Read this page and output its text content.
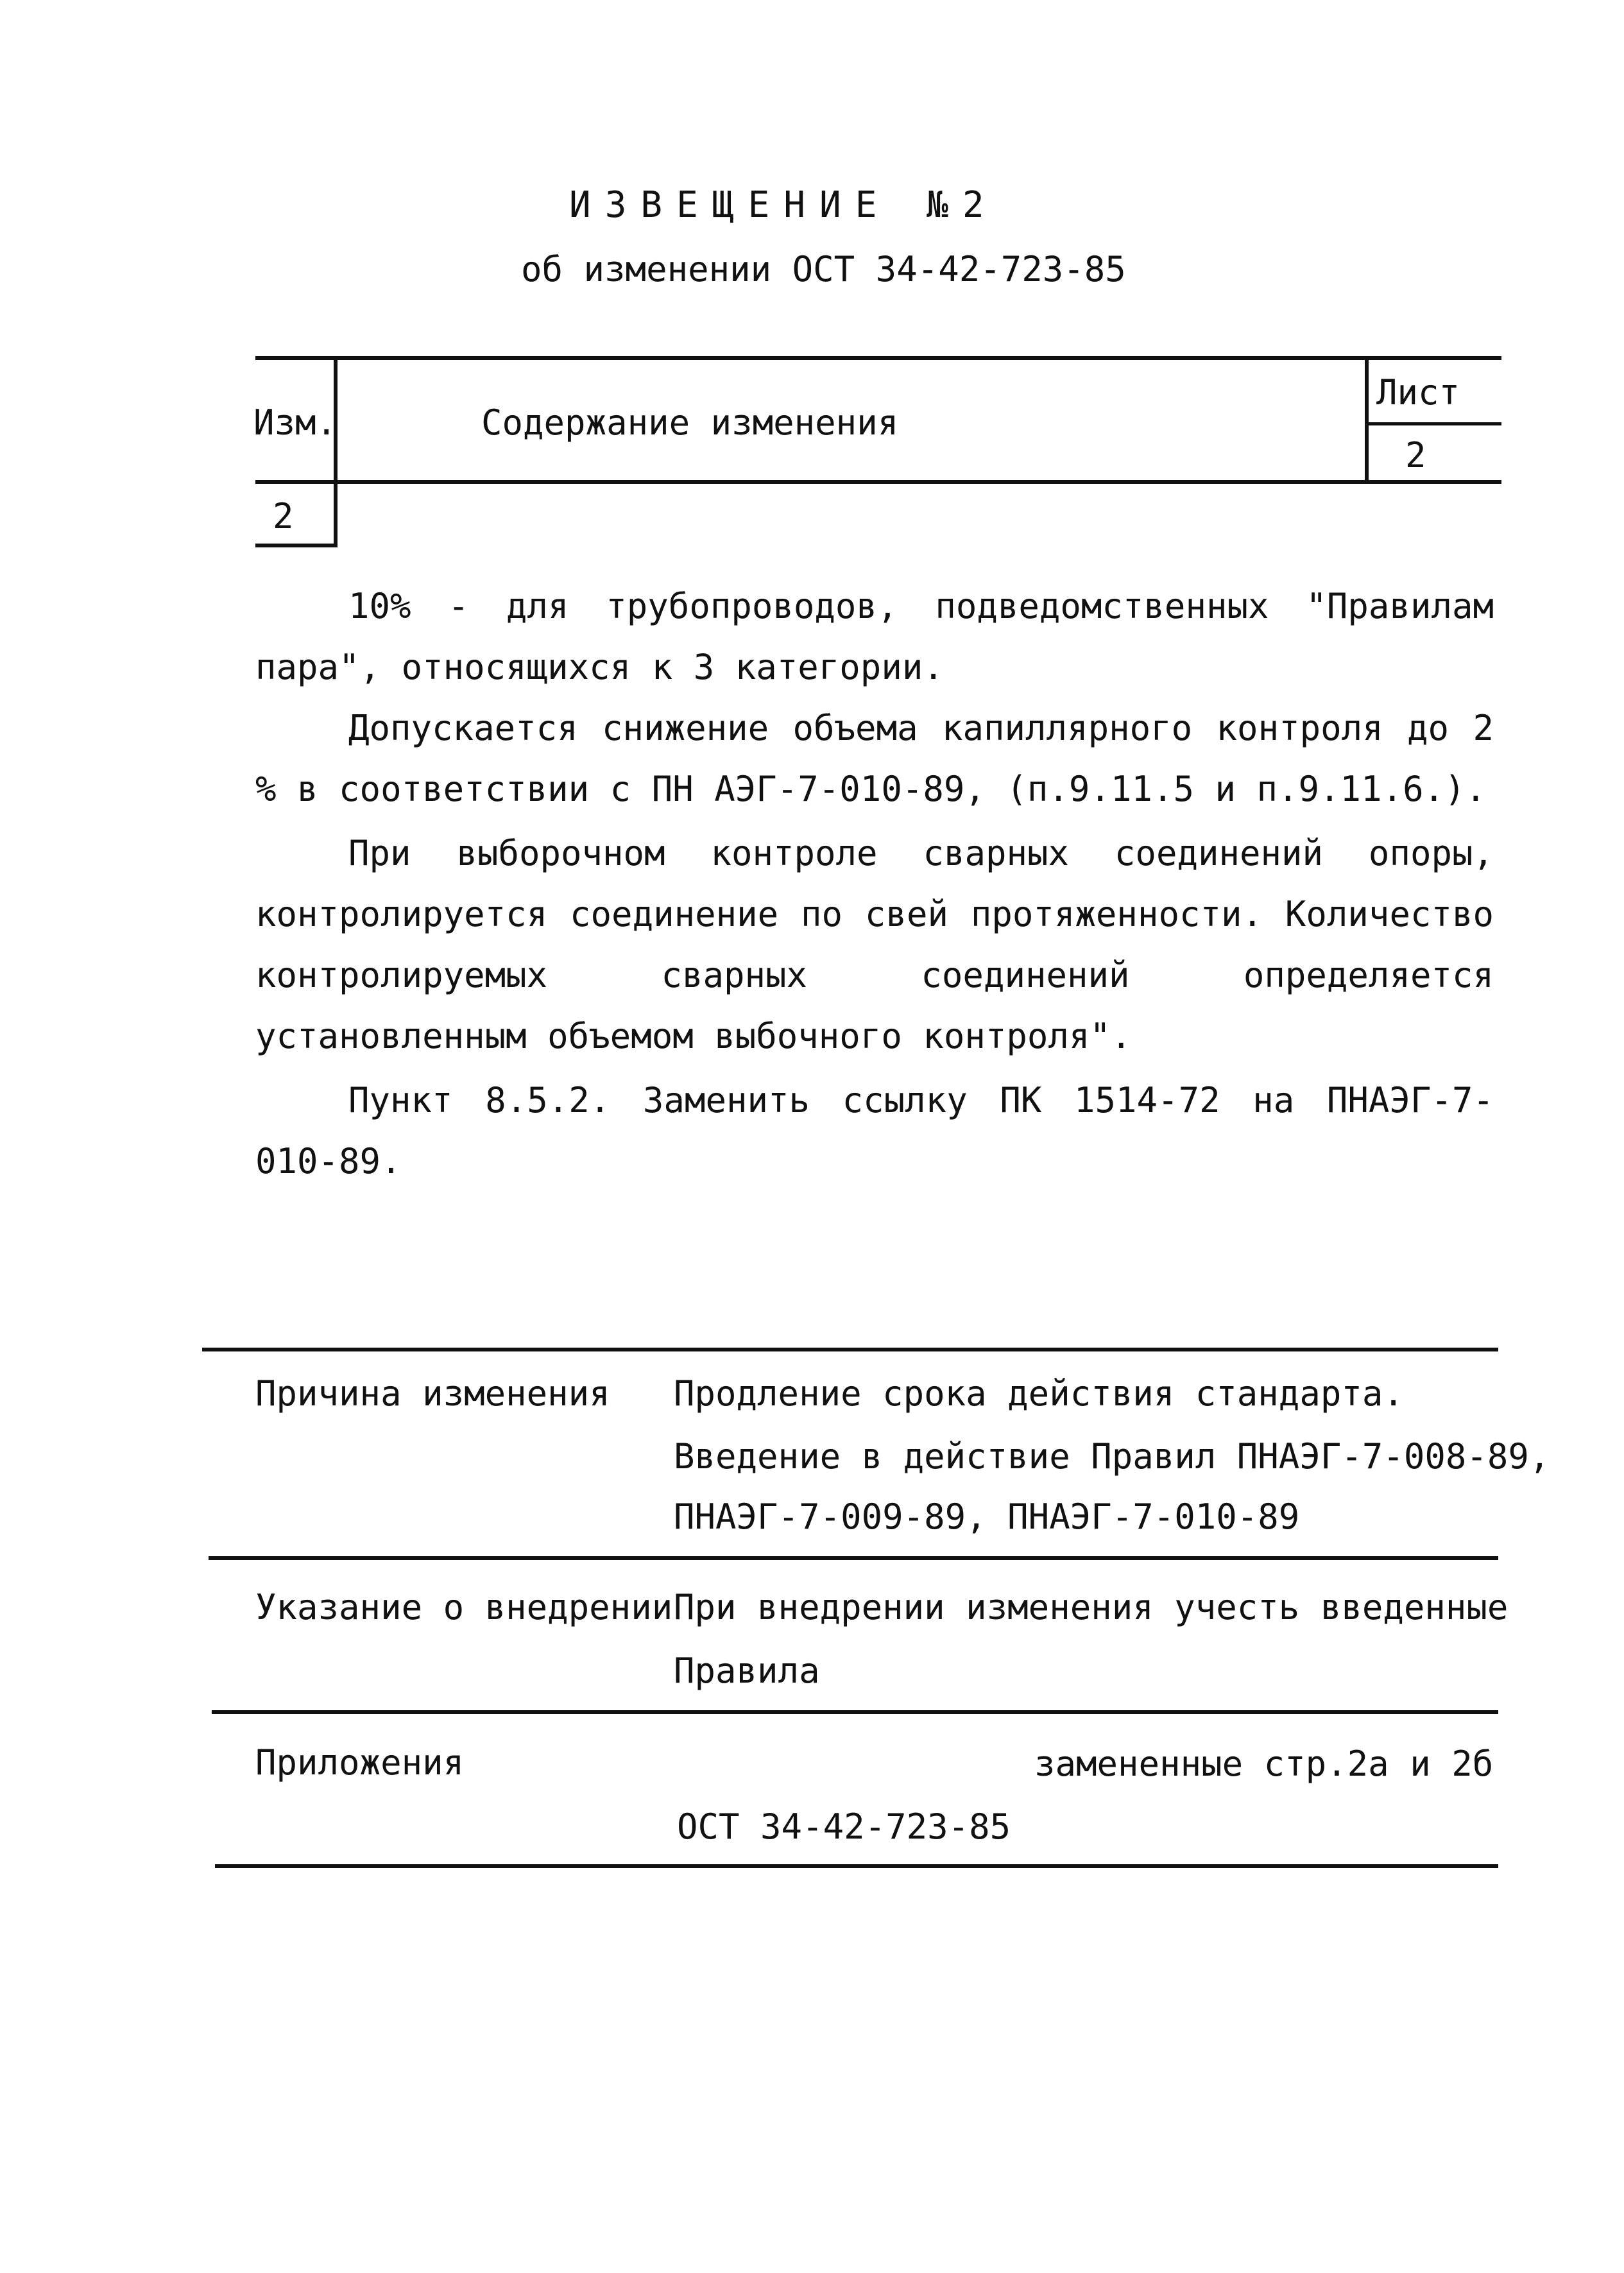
ИЗВЕЩЕНИЕ №2
об изменении ОСТ 34-42-723-85
Изм.	Содержание изменения
Лист
2
2
10% - для трубопроводов, подведомственных "Правилам пара", относящихся к 3 категории.
Допускается снижение объема капиллярного контроля до 2 % в соответствии с ПН АЭГ-7-010-89, (п.9.11.5 и п.9.11.6.).
При выборочном контроле сварных соединений опоры, контролируется соединение по свей протяженности. Количество контролируемых сварных соединений определяется установленным объемом выбочного контроля".
Пункт 8.5.2. Заменить ссылку ПК 1514-72 на ПНАЭГ-7-010-89.
Причина изменения Продление срока действия стандарта.
Введение в действие Правил ПНАЭГ-7-008-89,
ПНАЭГ-7-009-89, ПНАЭГ-7-010-89
Указание о внедрении При внедрении изменения учесть введенные
Правила
Приложения	замененные стр.2а и 2б
ОСТ 34-42-723-85
